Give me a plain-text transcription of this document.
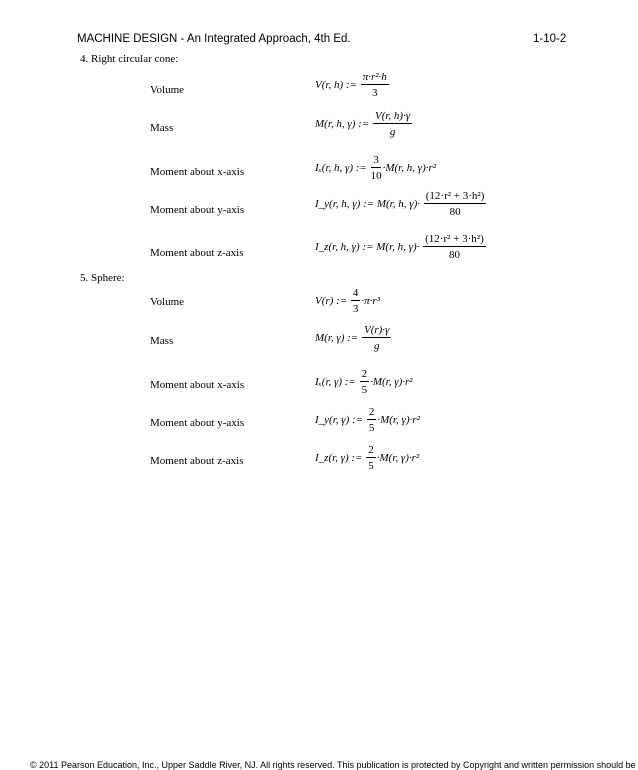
MACHINE DESIGN - An Integrated Approach, 4th Ed.	1-10-2
4. Right circular cone:
Volume	V(r, h) := $\frac{\text{π·r²·h}}{3}$
Mass	M(r, h, γ) := $\frac{V(r, h)\cdot\gamma}{g}$
Moment about x-axis	Iₓ(r, h, γ) := $\frac{3}{10} \cdot M(r$, h, γ)·r²
Moment about y-axis	I_y(r, h, γ) := M(r, h, $\gamma)\cdot \frac{\text{(12·r² + 3·h²)}}{80}$
Moment about z-axis	I_z(r, h, γ) := M(r, h, $\gamma)\cdot \frac{\text{(12·r² + 3·h²)}}{80}$
5. Sphere:
Volume	V(r) := $\frac{4}{3} \cdot\pi\cdot r^3$
Mass	M(r, γ) := $\frac{V(r)\cdot\gamma}{g}$
Moment about x-axis	Iₓ(r, γ) := $\frac{2}{5} \cdot M(r$, γ)·r²
Moment about y-axis	I_y(r, γ) := $\frac{2}{5} \cdot M(r$, γ)·r²
Moment about z-axis	I_z(r, γ) := $\frac{2}{5} \cdot M(r$, γ)·r²
© 2011 Pearson Education, Inc., Upper Saddle River, NJ. All rights reserved. This publication is protected by Copyright and written permission should be
